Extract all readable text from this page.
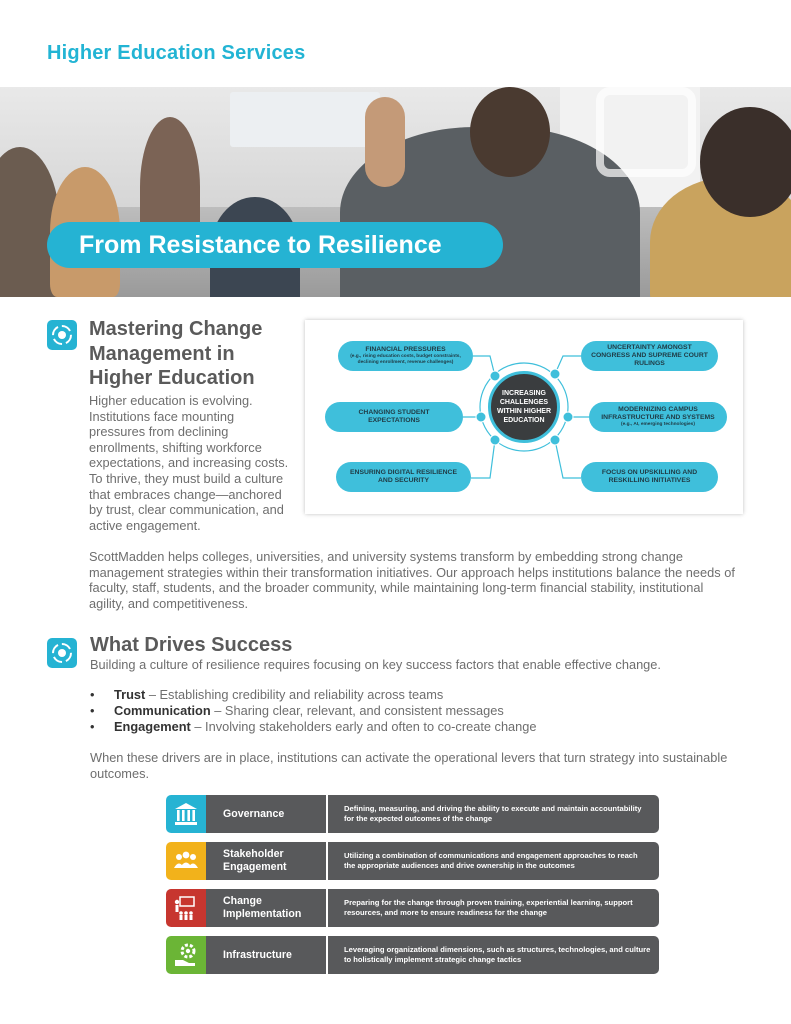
Higher Education Services
From Resistance to Resilience
Mastering Change Management in Higher Education
Higher education is evolving. Institutions face mounting pressures from declining enrollments, shifting workforce expectations, and increasing costs. To thrive, they must build a culture that embraces change—anchored by trust, clear communication, and active engagement.
ScottMadden helps colleges, universities, and university systems transform by embedding strong change management strategies within their transformation initiatives. Our approach helps institutions balance the needs of faculty, staff, students, and the broader community, while maintaining long-term financial stability, institutional agility, and competitiveness.
FINANCIAL PRESSURES
(e.g., rising education costs, budget constraints, declining enrollment, revenue challenges)
UNCERTAINTY AMONGST CONGRESS AND SUPREME COURT RULINGS
CHANGING STUDENT EXPECTATIONS
MODERNIZING CAMPUS INFRASTRUCTURE AND SYSTEMS
(e.g., AI, emerging technologies)
ENSURING DIGITAL RESILIENCE AND SECURITY
FOCUS ON UPSKILLING AND RESKILLING INITIATIVES
INCREASING CHALLENGES WITHIN HIGHER EDUCATION
What Drives Success
Building a culture of resilience requires focusing on key success factors that enable effective change.
• Trust – Establishing credibility and reliability across teams
• Communication – Sharing clear, relevant, and consistent messages
• Engagement – Involving stakeholders early and often to co-create change
When these drivers are in place, institutions can activate the operational levers that turn strategy into sustainable outcomes.
Governance	Defining, measuring, and driving the ability to execute and maintain accountability for the expected outcomes of the change
Stakeholder Engagement
Utilizing a combination of communications and engagement approaches to reach the appropriate audiences and drive ownership in the outcomes
Change Implementation
Preparing for the change through proven training, experiential learning, support resources, and more to ensure readiness for the change
Infrastructure	Leveraging organizational dimensions, such as structures, technologies, and culture to holistically implement strategic change tactics
